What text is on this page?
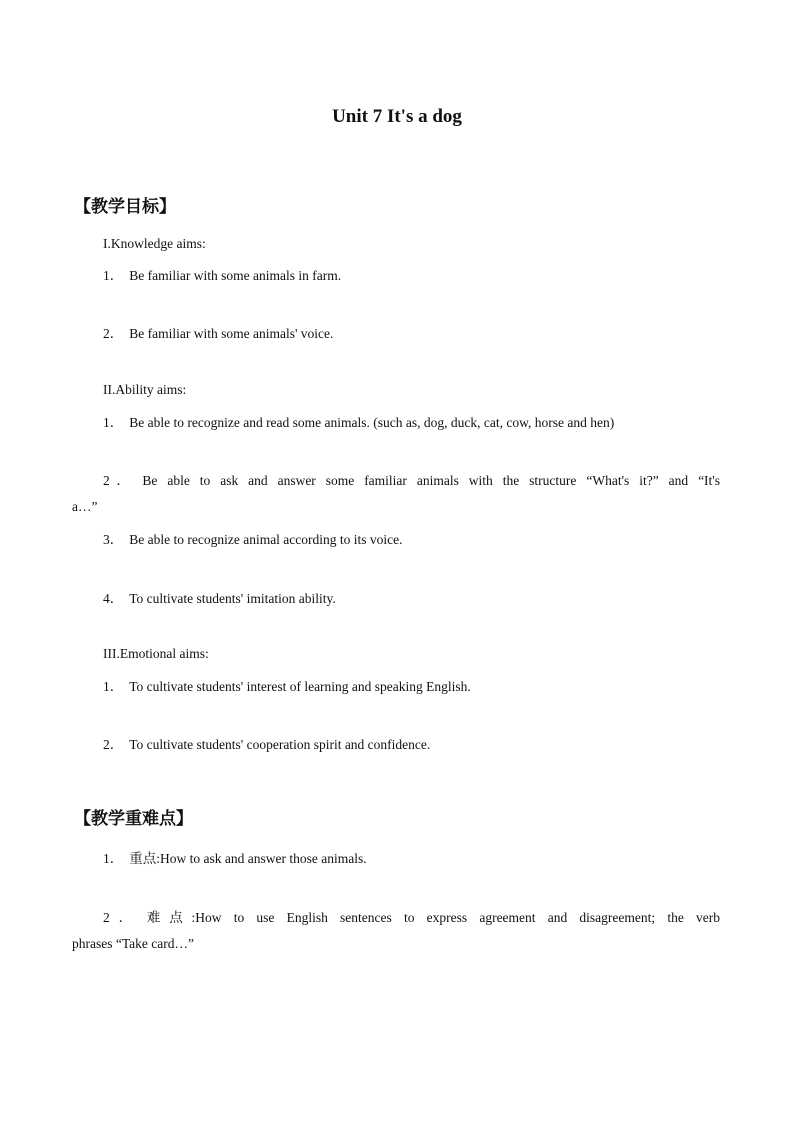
Unit 7 It's a dog
【教学目标】
I.Knowledge aims:
1． Be familiar with some animals in farm.
2． Be familiar with some animals' voice.
II.Ability aims:
1． Be able to recognize and read some animals. (such as, dog, duck, cat, cow, horse and hen)
2． Be able to ask and answer some familiar animals with the structure “What's it?” and “It's
a…”
3． Be able to recognize animal according to its voice.
4． To cultivate students' imitation ability.
III.Emotional aims:
1． To cultivate students' interest of learning and speaking English.
2． To cultivate students' cooperation spirit and confidence.
【教学重难点】
1． 重点:How to ask and answer those animals.
2． 难点:How to use English sentences to express agreement and disagreement; the verb
phrases “Take card…”
